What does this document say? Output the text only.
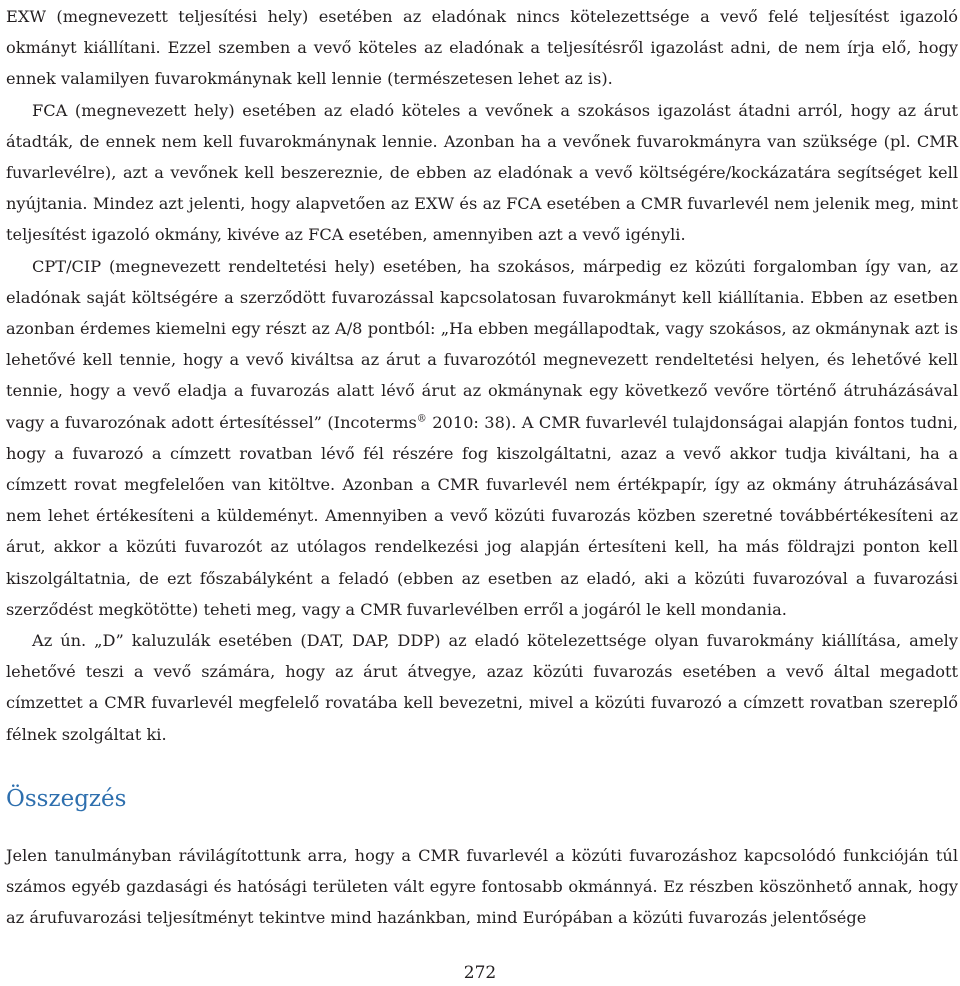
EXW (megnevezett teljesítési hely) esetében az eladónak nincs kötelezettsége a vevő felé teljesítést igazoló okmányt kiállítani. Ezzel szemben a vevő köteles az eladónak a teljesítésről igazolást adni, de nem írja elő, hogy ennek valamilyen fuvarokmánynak kell lennie (természetesen lehet az is).

FCA (megnevezett hely) esetében az eladó köteles a vevőnek a szokásos igazolást átadni arról, hogy az árut átadták, de ennek nem kell fuvarokmánynak lennie. Azonban ha a vevőnek fuvarokmányra van szüksége (pl. CMR fuvarlevélre), azt a vevőnek kell beszereznie, de ebben az eladónak a vevő költségére/kockázatára segítséget kell nyújtania. Mindez azt jelenti, hogy alapvetően az EXW és az FCA esetében a CMR fuvarlevél nem jelenik meg, mint teljesítést igazoló okmány, kivéve az FCA esetében, amennyiben azt a vevő igényli.

CPT/CIP (megnevezett rendeltetési hely) esetében, ha szokásos, márpedig ez közúti forgalomban így van, az eladónak saját költségére a szerződött fuvarozással kapcsolatosan fuvarokmányt kell kiállítania. Ebben az esetben azonban érdemes kiemelni egy részt az A/8 pontból: „Ha ebben megállapodtak, vagy szokásos, az okmánynak azt is lehetővé kell tennie, hogy a vevő kiváltsa az árut a fuvarozótól megnevezett rendeltetési helyen, és lehetővé kell tennie, hogy a vevő eladja a fuvarozás alatt lévő árut az okmánynak egy következő vevőre történő átruházásával vagy a fuvarozónak adott értesítéssel” (Incoterms® 2010: 38). A CMR fuvarlevél tulajdonságai alapján fontos tudni, hogy a fuvarozó a címzett rovatban lévő fél részére fog kiszolgáltatni, azaz a vevő akkor tudja kiváltani, ha a címzett rovat megfelelően van kitöltve. Azonban a CMR fuvarlevél nem értékpapír, így az okmány átruházásával nem lehet értékesíteni a küldeményt. Amennyiben a vevő közúti fuvarozás közben szeretné továbbértékesíteni az árut, akkor a közúti fuvarozót az utólagos rendelkezési jog alapján értesíteni kell, ha más földrajzi ponton kell kiszolgáltatnia, de ezt főszabályként a feladó (ebben az esetben az eladó, aki a közúti fuvarozóval a fuvarozási szerződést megkötötte) teheti meg, vagy a CMR fuvarlevélben erről a jogáról le kell mondania.

Az ún. „D” kaluzulák esetében (DAT, DAP, DDP) az eladó kötelezettsége olyan fuvarokmány kiállítása, amely lehetővé teszi a vevő számára, hogy az árut átvegye, azaz közúti fuvarozás esetében a vevő által megadott címzettet a CMR fuvarlevél megfelelő rovatába kell bevezetni, mivel a közúti fuvarozó a címzett rovatban szereplő félnek szolgáltat ki.

Összegzés

Jelen tanulmányban rávilágítottunk arra, hogy a CMR fuvarlevél a közúti fuvarozáshoz kapcsolódó funkcióján túl számos egyéb gazdasági és hatósági területen vált egyre fontosabb okmánnyá. Ez részben köszönhető annak, hogy az árufuvarozási teljesítményt tekintve mind hazánkban, mind Európában a közúti fuvarozás jelentősége

272
